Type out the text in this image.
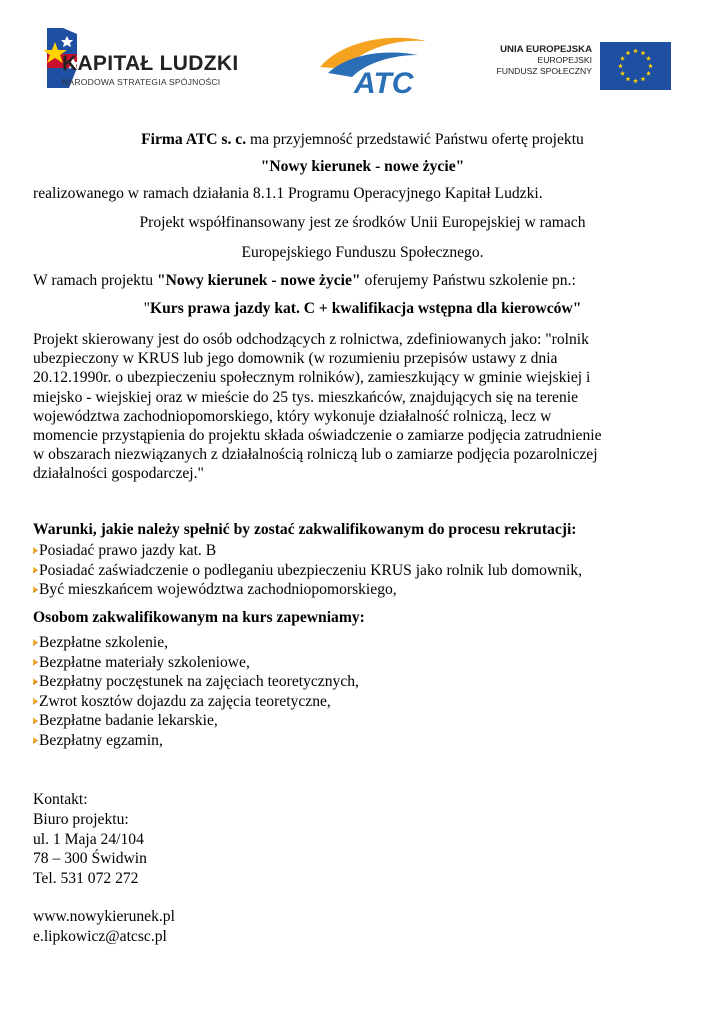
KAPITAŁ LUDZKI
NARODOWA STRATEGIA SPÓJNOŚCI	ATC
UNIA EUROPEJSKA
EUROPEJSKI
FUNDUSZ SPOŁECZNY
Firma ATC s. c. ma przyjemność przedstawić Państwu ofertę projektu
"Nowy kierunek - nowe życie"
realizowanego w ramach działania 8.1.1 Programu Operacyjnego Kapitał Ludzki.
Projekt współfinansowany jest ze środków Unii Europejskiej w ramach
Europejskiego Funduszu Społecznego.
W ramach projektu "Nowy kierunek - nowe życie" oferujemy Państwu szkolenie pn.:
"Kurs prawa jazdy kat. C + kwalifikacja wstępna dla kierowców"
Projekt skierowany jest do osób odchodzących z rolnictwa, zdefiniowanych jako: "rolnik
ubezpieczony w KRUS lub jego domownik (w rozumieniu przepisów ustawy z dnia
20.12.1990r. o ubezpieczeniu społecznym rolników), zamieszkujący w gminie wiejskiej i
miejsko - wiejskiej oraz w mieście do 25 tys. mieszkańców, znajdujących się na terenie
województwa zachodniopomorskiego, który wykonuje działalność rolniczą, lecz w
momencie przystąpienia do projektu składa oświadczenie o zamiarze podjęcia zatrudnienie
w obszarach niezwiązanych z działalnością rolniczą lub o zamiarze podjęcia pozarolniczej
działalności gospodarczej."
Warunki, jakie należy spełnić by zostać zakwalifikowanym do procesu rekrutacji:
Posiadać prawo jazdy kat. B
Posiadać zaświadczenie o podleganiu ubezpieczeniu KRUS jako rolnik lub domownik,
Być mieszkańcem województwa zachodniopomorskiego,
Osobom zakwalifikowanym na kurs zapewniamy:
Bezpłatne szkolenie,
Bezpłatne materiały szkoleniowe,
Bezpłatny poczęstunek na zajęciach teoretycznych,
Zwrot kosztów dojazdu za zajęcia teoretyczne,
Bezpłatne badanie lekarskie,
Bezpłatny egzamin,
Kontakt:
Biuro projektu:
ul. 1 Maja 24/104
78 – 300 Świdwin
Tel. 531 072 272
www.nowykierunek.pl
e.lipkowicz@atcsc.pl
